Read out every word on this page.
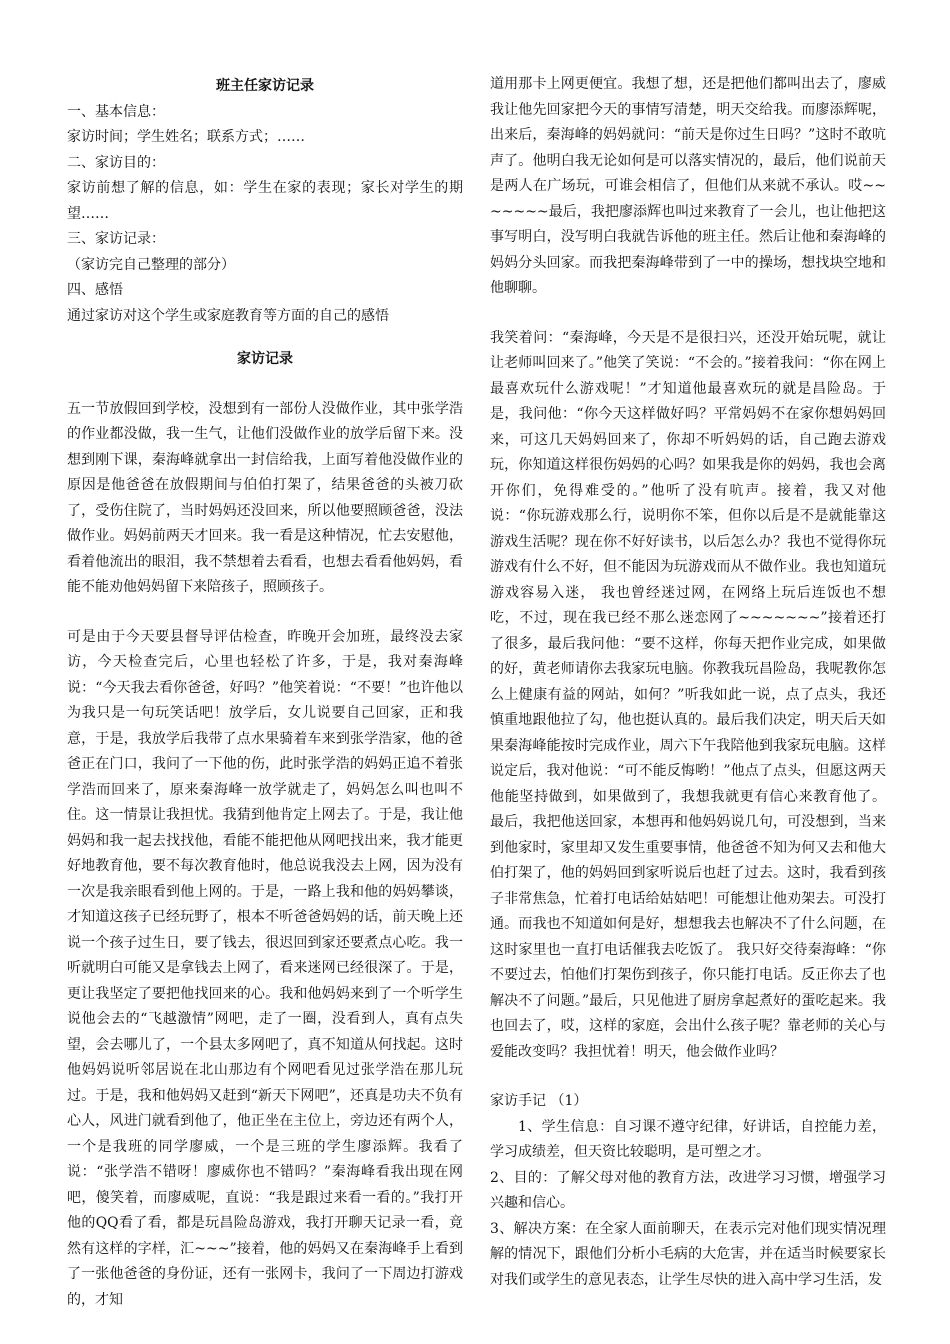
班主任家访记录

一、基本信息：

家访时间；学生姓名；联系方式；……

二、家访目的：

家访前想了解的信息，如：学生在家的表现；家长对学生的期望……

三、家访记录：

（家访完自己整理的部分）

四、感悟

通过家访对这个学生或家庭教育等方面的自己的感悟

家访记录

五一节放假回到学校，没想到有一部份人没做作业，其中张学浩的作业都没做，我一生气，让他们没做作业的放学后留下来。没想到刚下课，秦海峰就拿出一封信给我，上面写着他没做作业的原因是他爸爸在放假期间与伯伯打架了，结果爸爸的头被刀砍了，受伤住院了，当时妈妈还没回来，所以他要照顾爸爸，没法做作业。妈妈前两天才回来。我一看是这种情况，忙去安慰他，看着他流出的眼泪，我不禁想着去看看，也想去看看他妈妈，看能不能劝他妈妈留下来陪孩子，照顾孩子。

可是由于今天要县督导评估检查，昨晚开会加班，最终没去家访，今天检查完后，心里也轻松了许多，于是，我对秦海峰说：“今天我去看你爸爸，好吗？”他笑着说：“不要！”也许他以为我只是一句玩笑话吧！放学后，女儿说要自己回家，正和我意，于是，我放学后我带了点水果骑着车来到张学浩家，他的爸爸正在门口，我问了一下他的伤，此时张学浩的妈妈正追不着张学浩而回来了，原来秦海峰一放学就走了，妈妈怎么叫也叫不住。这一情景让我担忧。我猜到他肯定上网去了。于是，我让他妈妈和我一起去找找他，看能不能把他从网吧找出来，我才能更好地教育他，要不每次教育他时，他总说我没去上网，因为没有一次是我亲眼看到他上网的。于是，一路上我和他的妈妈攀谈，才知道这孩子已经玩野了，根本不听爸爸妈妈的话，前天晚上还说一个孩子过生日，要了钱去，很迟回到家还要煮点心吃。我一听就明白可能又是拿钱去上网了，看来迷网已经很深了。于是，更让我坚定了要把他找回来的心。我和他妈妈来到了一个听学生说他会去的“飞越激情”网吧，走了一圈，没看到人，真有点失望，会去哪儿了，一个县太多网吧了，真不知道从何找起。这时他妈妈说听邻居说在北山那边有个网吧看见过张学浩在那儿玩过。于是，我和他妈妈又赶到“新天下网吧”，还真是功夫不负有心人，风进门就看到他了，他正坐在主位上，旁边还有两个人，一个是我班的同学廖威，一个是三班的学生廖添辉。我看了说：“张学浩不错呀！廖威你也不错吗？”秦海峰看我出现在网吧，傻笑着，而廖威呢，直说：“我是跟过来看一看的。”我打开他的QQ看了看，都是玩昌险岛游戏，我打开聊天记录一看，竟然有这样的字样，汇~~~”接着，他的妈妈又在秦海峰手上看到了一张他爸爸的身份证，还有一张网卡，我问了一下周边打游戏的，才知

道用那卡上网更便宜。我想了想，还是把他们都叫出去了，廖威我让他先回家把今天的事情写清楚，明天交给我。而廖添辉呢，出来后，秦海峰的妈妈就问：“前天是你过生日吗？”这时不敢吭声了。他明白我无论如何是可以落实情况的，最后，他们说前天是两人在广场玩，可谁会相信了，但他们从来就不承认。哎~~~~~~~最后，我把廖添辉也叫过来教育了一会儿，也让他把这事写明白，没写明白我就告诉他的班主任。然后让他和秦海峰的妈妈分头回家。而我把秦海峰带到了一中的操场，想找块空地和他聊聊。

我笑着问：“秦海峰，今天是不是很扫兴，还没开始玩呢，就让让老师叫回来了。”他笑了笑说：“不会的。”接着我问：“你在网上最喜欢玩什么游戏呢！”才知道他最喜欢玩的就是昌险岛。于是，我问他：“你今天这样做好吗？平常妈妈不在家你想妈妈回来，可这几天妈妈回来了，你却不听妈妈的话，自己跑去游戏玩，你知道这样很伤妈妈的心吗？如果我是你的妈妈，我也会离开你们，免得难受的。”他听了没有吭声。接着，我又对他说：“你玩游戏那么行，说明你不笨，但你以后是不是就能靠这游戏生活呢？现在你不好好读书，以后怎么办？我也不觉得你玩游戏有什么不好，但不能因为玩游戏而从不做作业。我也知道玩游戏容易入迷， 我也曾经迷过网，在网络上玩后连饭也不想吃，不过，现在我已经不那么迷恋网了~~~~~~~”接着还打了很多，最后我问他：“要不这样，你每天把作业完成，如果做的好，黄老师请你去我家玩电脑。你教我玩昌险岛，我呢教你怎么上健康有益的网站，如何？”听我如此一说，点了点头，我还慎重地跟他拉了勾，他也挺认真的。最后我们决定，明天后天如果秦海峰能按时完成作业，周六下午我陪他到我家玩电脑。这样说定后，我对他说：“可不能反悔哟！”他点了点头，但愿这两天他能坚持做到，如果做到了，我想我就更有信心来教育他了。 最后，我把他送回家，本想再和他妈妈说几句，可没想到，当来到他家时，家里却又发生重要事情，他爸爸不知为何又去和他大伯打架了，他的妈妈回到家听说后也赶了过去。这时，我看到孩子非常焦急，忙着打电话给姑姑吧！可能想让他劝架去。可没打通。而我也不知道如何是好，想想我去也解决不了什么问题，在这时家里也一直打电话催我去吃饭了。 我只好交待秦海峰：“你不要过去，怕他们打架伤到孩子，你只能打电话。反正你去了也解决不了问题。”最后，只见他进了厨房拿起煮好的蛋吃起来。我也回去了，哎，这样的家庭，会出什么孩子呢？靠老师的关心与爱能改变吗？我担忧着！明天，他会做作业吗？

家访手记 （1）

1、学生信息：自习课不遵守纪律，好讲话，自控能力差，学习成绩差，但天资比较聪明，是可塑之才。

2、目的：了解父母对他的教育方法，改进学习习惯，增强学习兴趣和信心。

3、解决方案：在全家人面前聊天，在表示完对他们现实情况理解的情况下，跟他们分析小毛病的大危害，并在适当时候要家长对我们或学生的意见表态，让学生尽快的进入高中学习生活，发
